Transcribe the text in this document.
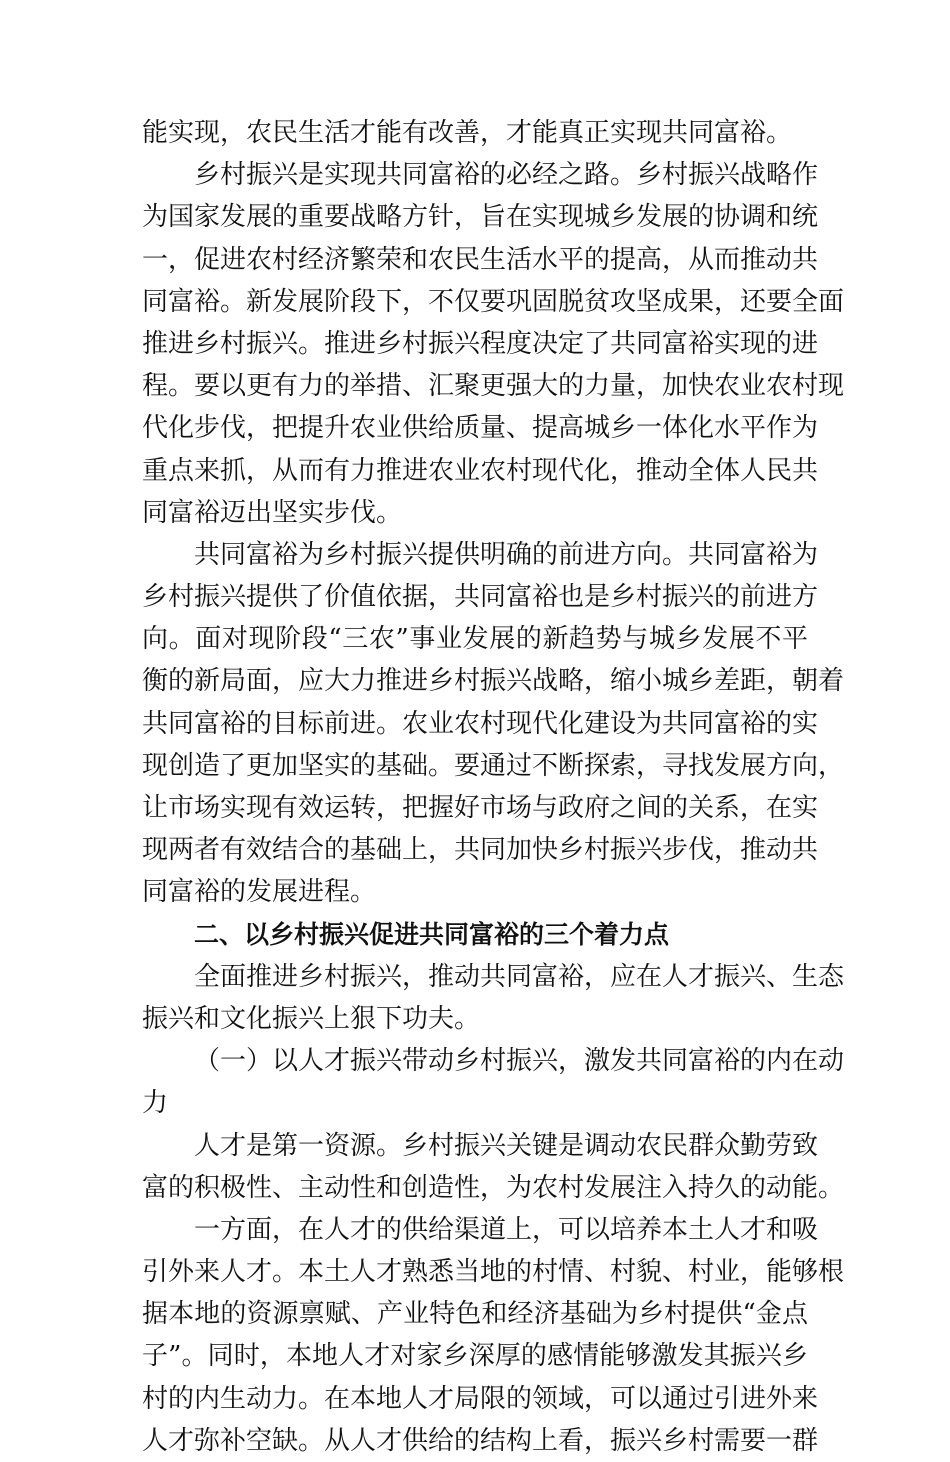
能实现，农民生活才能有改善，才能真正实现共同富裕。
乡村振兴是实现共同富裕的必经之路。乡村振兴战略作
为国家发展的重要战略方针，旨在实现城乡发展的协调和统
一，促进农村经济繁荣和农民生活水平的提高，从而推动共
同富裕。新发展阶段下，不仅要巩固脱贫攻坚成果，还要全面
推进乡村振兴。推进乡村振兴程度决定了共同富裕实现的进
程。要以更有力的举措、汇聚更强大的力量，加快农业农村现
代化步伐，把提升农业供给质量、提高城乡一体化水平作为
重点来抓，从而有力推进农业农村现代化，推动全体人民共
同富裕迈出坚实步伐。
共同富裕为乡村振兴提供明确的前进方向。共同富裕为
乡村振兴提供了价值依据，共同富裕也是乡村振兴的前进方
向。面对现阶段“三农”事业发展的新趋势与城乡发展不平
衡的新局面，应大力推进乡村振兴战略，缩小城乡差距，朝着
共同富裕的目标前进。农业农村现代化建设为共同富裕的实
现创造了更加坚实的基础。要通过不断探索，寻找发展方向，
让市场实现有效运转，把握好市场与政府之间的关系，在实
现两者有效结合的基础上，共同加快乡村振兴步伐，推动共
同富裕的发展进程。
二、以乡村振兴促进共同富裕的三个着力点
全面推进乡村振兴，推动共同富裕，应在人才振兴、生态
振兴和文化振兴上狠下功夫。
（一）以人才振兴带动乡村振兴，激发共同富裕的内在动
力
人才是第一资源。乡村振兴关键是调动农民群众勤劳致
富的积极性、主动性和创造性，为农村发展注入持久的动能。
一方面，在人才的供给渠道上，可以培养本土人才和吸
引外来人才。本土人才熟悉当地的村情、村貌、村业，能够根
据本地的资源禀赋、产业特色和经济基础为乡村提供“金点
子”。同时，本地人才对家乡深厚的感情能够激发其振兴乡
村的内生动力。在本地人才局限的领域，可以通过引进外来
人才弥补空缺。从人才供给的结构上看，振兴乡村需要一群
